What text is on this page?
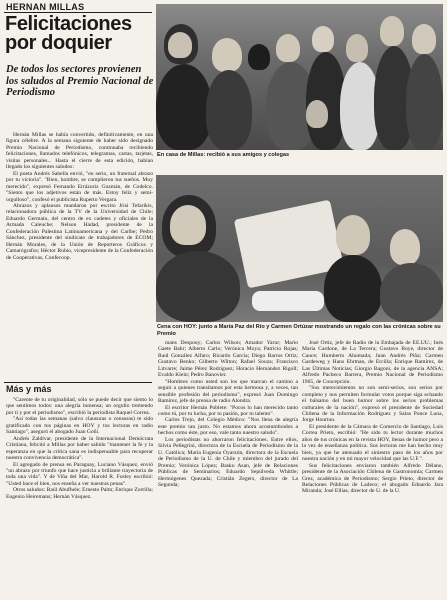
HERNAN MILLAS
Felicitaciones por doquier
De todos los sectores provienen los saludos al Premio Nacional de Periodismo

Hernán Millas se había convertido, definitivamente, en una figura célebre. A la semana siguiente de haber sido designado Premio Nacional de Periodismo, continuaba recibiendo felicitaciones, llamados telefónicos, telegramas, cartas, tarjetas, visitas personales... Hasta el cierre de esta edición, habían llegado los siguientes saludos:

El poeta Andrés Sabella envió, "en serio, un fraternal abrazo por tu victoria". "Bien, hombre, se cumplieron tus sueños. Muy merecido", expresó Fernando Errázuriz Guzmán, de Codelco. "Siento que los adjetivos están de más. Estoy feliz y semi-orgulloso", confesó el publicista Ruperto Vergara.

Abrazos y aplausos mandaron por escrito Jrisi Tefarikis, relacionadora pública de la TV de la Universidad de Chile; Eduardo Germain, del centro de ex cadetes y oficiales de la Armada Caleuche; Nelson Hadad, presidente de la Confederación Palestina Latinoamericana y del Caribe; Pedro Sánchez, presidente del sindicato de trabajadores de ECOM; Hernán Morales, de la Unión de Reporteros Gráficos y Camarógrafos; Héctor Rubio, vicepresidente de la Confederación de Cooperativas, Confecoop.

Más y más

"Carente de tu originalidad, sólo se puede decir que siento lo que sentimos todos: una alegría inmensa; un orgullo tremendo por ti y por el periodismo", escribió la periodista Raquel Correa.

"Así todas las semanas (salvo clausuras o censuras) te sido gratificado con tus páginas en HOY y tus lecturas en radio Santiago", aseguró el abogado Juan Goñi.

Andrés Zaldívar, presidente de la Internacional Demócrata Cristiana, felicitó a Millas por haber sabido "mantener la fe y la esperanza en que la crítica sana es indispensable para recuperar nuestra convivencia democrática".

El agregado de prensa en Paraguay, Luciano Vásquez, envió "un abrazo por triunfo que hace justicia a brillante trayectoria de toda una vida". Y de Viña del Mar, Harold R. Fosley escribió: "Usted hace el bien, nos enseña a ver nuestras penas".

Otros saludos: Raúl Abufhele; Ernesto Palm; Enrique Zorrilla; Eugenio Heiremans; Hernán Vásquez.

En casa de Millas: recibió a sus amigos y colegas
Cena con HOY: junto a María Paz del Río y Carmen Ortúzar mostrando un regalo con las crónicas sobre su Premio

mans Despouy; Carlos Wilson; Amador Yarur; Mario Gaete Bahr; Alberto Carlo; Verónica Moya; Patricio Rojas; Raúl González Alfaro; Ricardo Garcia; Diego Barros Ortiz; Gustavo Benko; Gilberto Wilton; Rafael Souza; Francisco Litvarre; Jaime Pérez Rodríguez; Horacio Hernández Rigoll; Evaldo Klein; Pedro Banovier.

"Hombres como usted son los que marcan el camino a seguir a quienes transitamos por esta hermosa y, a veces, tan sensible profesión del periodismo", expresó Juan Domingo Ramírez, jefe de prensa de radio Alondra.

El escritor Hernán Poblete: "Pocos lo han merecido tanto como tú, por tu lucha, por tu pasión, por tu talento".

Carlos Trejo, del Colegio Médico: "Nos llena de alegría este premio tan justo. No estamos ahora acostumbrados a hechos como éste, por eso, vale tanto nuestro saludo".

Los periodistas no ahorraron felicitaciones. Entre ellos, Silvia Pellegrini, directora de la Escuela de Periodismo de la U. Católica; María Eugenia Oyarzún, directora de la Escuela de Periodismo de la U. de Chile y miembro del jurado del Premio; Verónica López; Basko Asan, jefe de Relaciones Públicas de Seminarios; Eduardo Sepúlveda Whittle; Hermógenes Quezada; Cristián Zegers, director de La Segunda;

José Ortiz, jefe de Radio de la Embajada de EE.UU.; Inés María Cardone, de La Tercera; Gustavo Boye, director de Cauce; Humberto Ahumada; Juan Andrés Piña; Carmen Gardeweg y Hans Ehrman, de Ercilla; Enrique Ramírez, de Las Últimas Noticias; Giorgio Bagoni, de la agencia ANSA; Alfredo Pacheco Barrera, Premio Nacional de Periodismo 1965, de Concepción.

"Sus merecimientos no son semi-serios, son serios por completo y nos permiten formular votos porque siga echando el bálsamo del buen humor sobre los serios problemas culturales de la nación", expresó el presidente de Sociedad Chilena de la Información Rodríguez y Salas Ponce Luna, Jorge Hourton.

El presidente de la Cámara de Comercio de Santiago, Luis Correa Prieto, escribió: "He sido tu lector durante muchos años de tus crónicas en la revista HOY, llenas de humor pero a la vez de enseñanza política. Sus lecturas me han hecho muy bien, ya que he atenuado el siniestro paso de los años por nuestra nación y en mi mayor velocidad que las U.F.".

Sus felicitaciones enviaron también Alfredo Délano, presidente de la Asociación Chilena de Gastronomía; Carmen Grez, académica de Periodismo; Sergio Prieto, director de Relaciones Públicas de Ladeco; el abogado Eduardo Jara Miranda; José Ellias, director de U. de la U.
